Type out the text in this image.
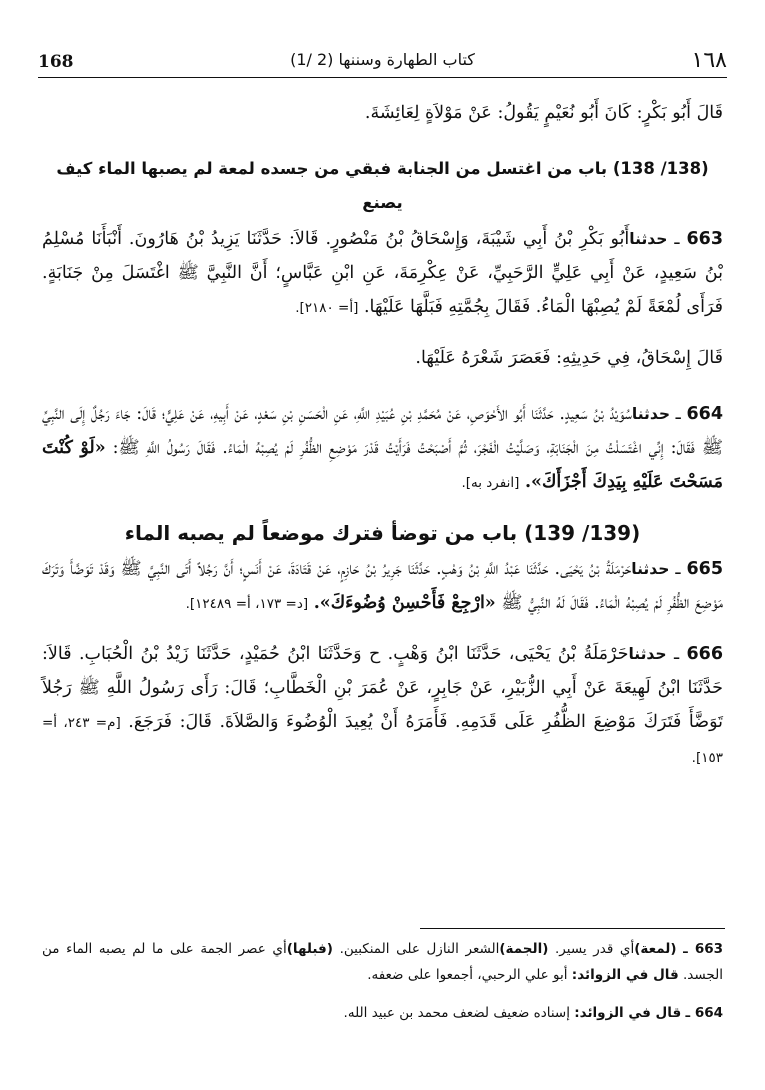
168	(1/ 2) كتاب الطهارة وسننها	١٦٨

قَالَ أَبُو بَكْرٍ: كَانَ أَبُو نُعَيْمٍ يَقُولُ: عَنْ مَوْلاَةٍ لِعَائِشَةَ.

(138/ 138) باب من اغتسل من الجنابة فبقي من جسده لمعة لم يصبها الماء كيف يصنع

663 ـ حدثناأَبُو بَكْرِ بْنُ أَبِي شَيْبَةَ، وَإِسْحَاقُ بْنُ مَنْصُورٍ. قَالاَ: حَدَّثَنَا يَزِيدُ بْنُ هَارُونَ. أَنْبَأَنَا مُسْلِمُ بْنُ سَعِيدٍ، عَنْ أَبِي عَلِيٍّ الرَّحَبِيِّ، عَنْ عِكْرِمَةَ، عَنِ ابْنِ عَبَّاسٍ؛ أَنَّ النَّبِيَّ ﷺ اغْتَسَلَ مِنْ جَنَابَةٍ. فَرَأَى لُمْعَةً لَمْ يُصِبْهَا الْمَاءُ. فَقَالَ بِجُمَّتِهِ فَبَلَّهَا عَلَيْهَا. [أ= ٢١٨٠].

قَالَ إِسْحَاقُ، فِي حَدِيثِهِ: فَعَصَرَ شَعْرَهُ عَلَيْهَا.

664 ـ حدثناسُوَيْدُ بْنُ سَعِيدٍ. حَدَّثَنَا أَبُو الأَحْوَصِ، عَنْ مُحَمَّدِ بْنِ عُبَيْدِ اللَّهِ، عَنِ الْحَسَنِ بْنِ سَعْدٍ، عَنْ أَبِيهِ، عَنْ عَلِيٍّ؛ قَالَ: جَاءَ رَجُلٌ إِلَى النَّبِيِّ ﷺ فَقَالَ: إِنِّي اغْتَسَلْتُ مِنَ الْجَنَابَةِ، وَصَلَّيْتُ الْفَجْرَ، ثُمَّ أَصْبَحْتُ فَرَأَيْتُ قَدْرَ مَوْضِعِ الظُّفُرِ لَمْ يُصِبْهُ الْمَاءُ. فَقَالَ رَسُولُ اللَّهِ ﷺ: «لَوْ كُنْتَ مَسَحْتَ عَلَيْهِ بِيَدِكَ أَجْزَأَكَ». [انفرد به].

(139/ 139) باب من توضأ فترك موضعاً لم يصبه الماء

665 ـ حدثناحَرْمَلَةُ بْنُ يَحْيَى. حَدَّثَنَا عَبْدُ اللَّهِ بْنُ وَهْبٍ. حَدَّثَنَا جَرِيرُ بْنُ حَازِمٍ، عَنْ قَتَادَةَ، عَنْ أَنَسٍ؛ أَنَّ رَجُلاً أَتَى النَّبِيَّ ﷺ وَقَدْ تَوَضَّأَ وَتَرَكَ مَوْضِعَ الظُّفُرِ لَمْ يُصِبْهُ الْمَاءُ. فَقَالَ لَهُ النَّبِيُّ ﷺ «ارْجِعْ فَأَحْسِنْ وُضُوءَكَ». [د= ١٧٣، أ= ١٢٤٨٩].

666 ـ حدثناحَرْمَلَةُ بْنُ يَحْيَى، حَدَّثَنَا ابْنُ وَهْبٍ. ح وَحَدَّثَنَا ابْنُ حُمَيْدٍ، حَدَّثَنَا زَيْدُ بْنُ الْحُبَابِ. قَالاَ: حَدَّثَنَا ابْنُ لَهِيعَةَ عَنْ أَبِي الزُّبَيْرِ، عَنْ جَابِرٍ، عَنْ عُمَرَ بْنِ الْخَطَّابِ؛ قَالَ: رَأَى رَسُولُ اللَّهِ ﷺ رَجُلاً تَوَضَّأَ فَتَرَكَ مَوْضِعَ الظُّفُرِ عَلَى قَدَمِهِ. فَأَمَرَهُ أَنْ يُعِيدَ الْوُضُوءَ وَالصَّلاَةَ. قَالَ: فَرَجَعَ. [م= ٢٤٣، أ= ١٥٣].

663 ـ (لمعة)أي قدر يسير. (الجمة)الشعر النازل على المنكبين. (فبلها)أي عصر الجمة على ما لم يصبه الماء من الجسد. قال في الزوائد: أبو علي الرحبي، أجمعوا على ضعفه.

664 ـ قال في الزوائد: إسناده ضعيف لضعف محمد بن عبيد الله.
